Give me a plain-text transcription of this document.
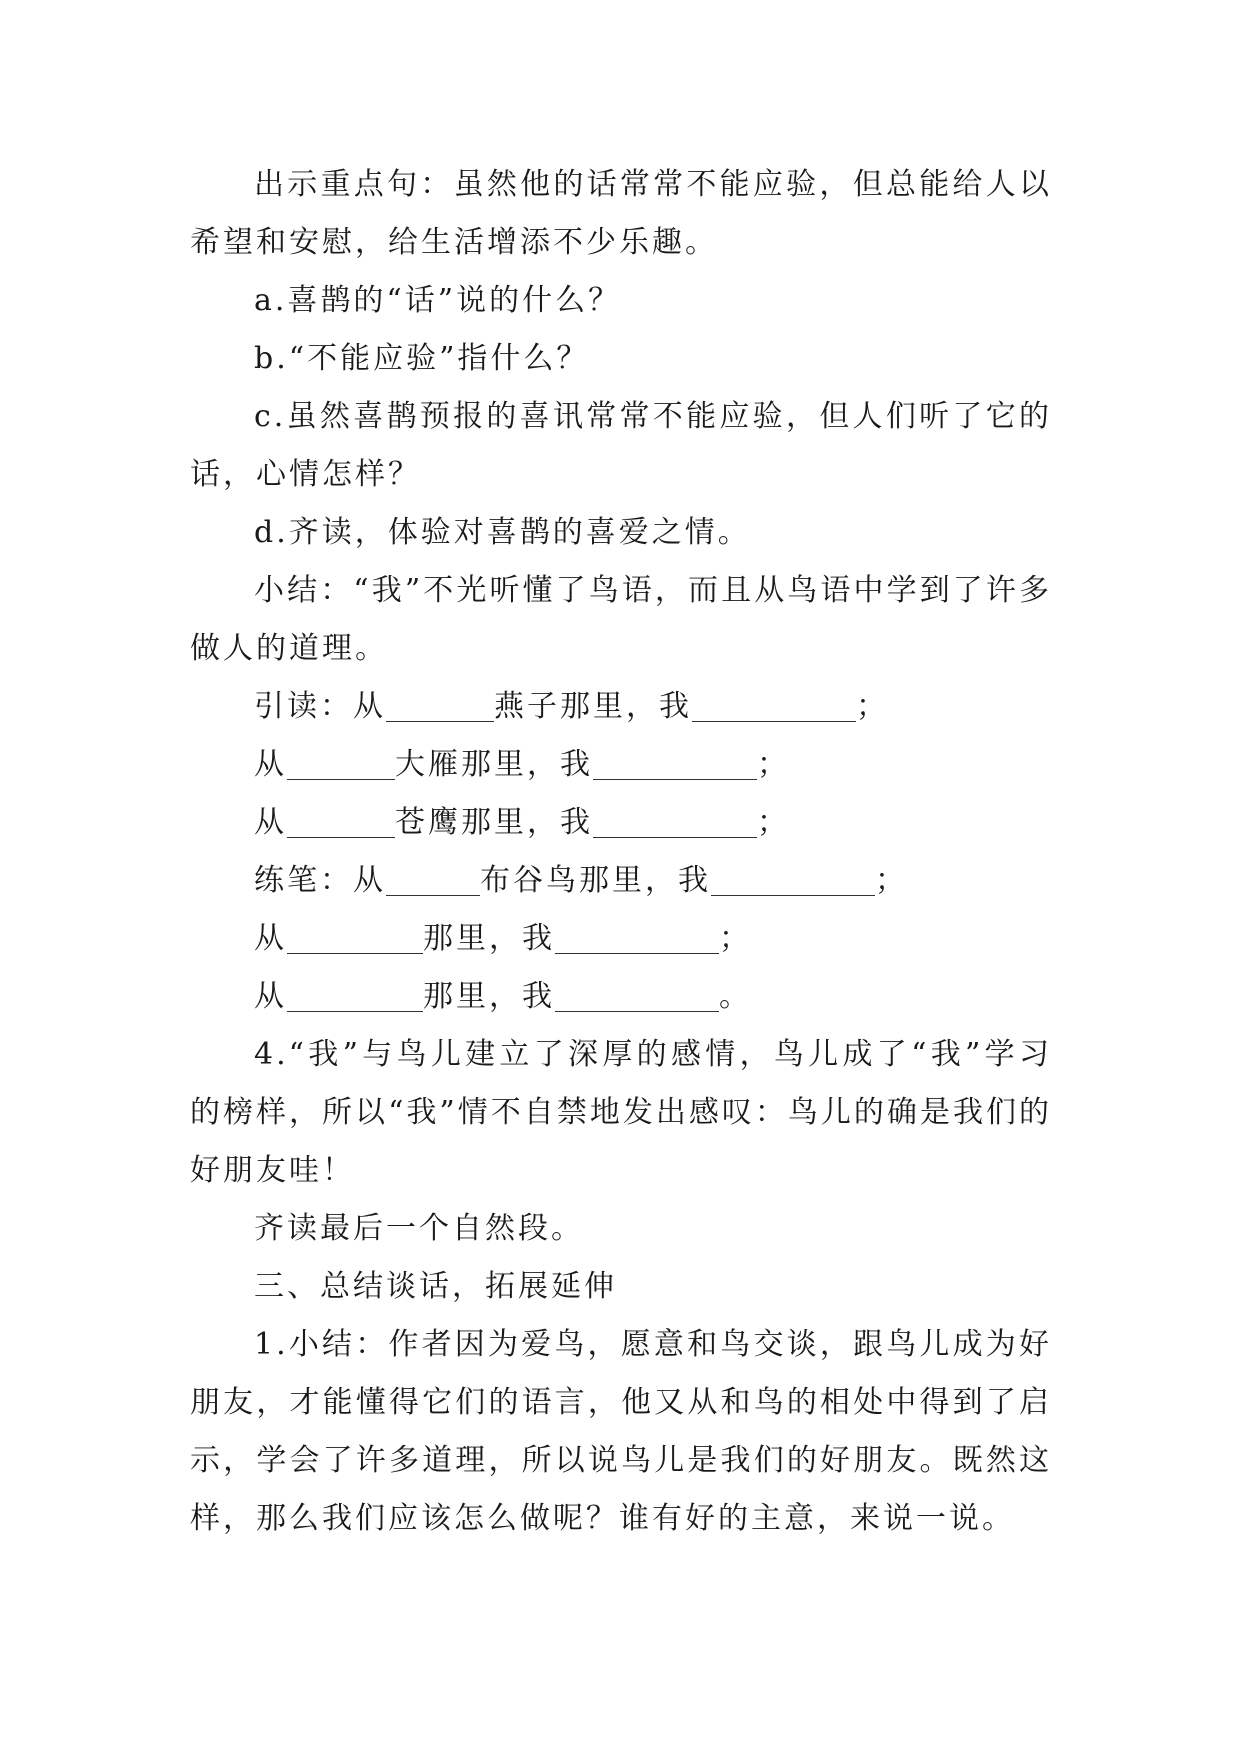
出示重点句：虽然他的话常常不能应验，但总能给人以希望和安慰，给生活增添不少乐趣。

a.喜鹊的“话”说的什么？

b.“不能应验”指什么？

c.虽然喜鹊预报的喜讯常常不能应验，但人们听了它的话，心情怎样？

d.齐读，体验对喜鹊的喜爱之情。

小结：“我”不光听懂了鸟语，而且从鸟语中学到了许多做人的道理。

引读：从	燕子那里，我	；

从	大雁那里，我	；

从	苍鹰那里，我	；

练笔：从	布谷鸟那里，我	；

从	那里，我	；

从	那里，我	。

4.“我”与鸟儿建立了深厚的感情，鸟儿成了“我”学习的榜样，所以“我”情不自禁地发出感叹：鸟儿的确是我们的好朋友哇！

齐读最后一个自然段。

三、总结谈话，拓展延伸

1.小结：作者因为爱鸟，愿意和鸟交谈，跟鸟儿成为好朋友，才能懂得它们的语言，他又从和鸟的相处中得到了启示，学会了许多道理，所以说鸟儿是我们的好朋友。既然这样，那么我们应该怎么做呢？谁有好的主意，来说一说。
